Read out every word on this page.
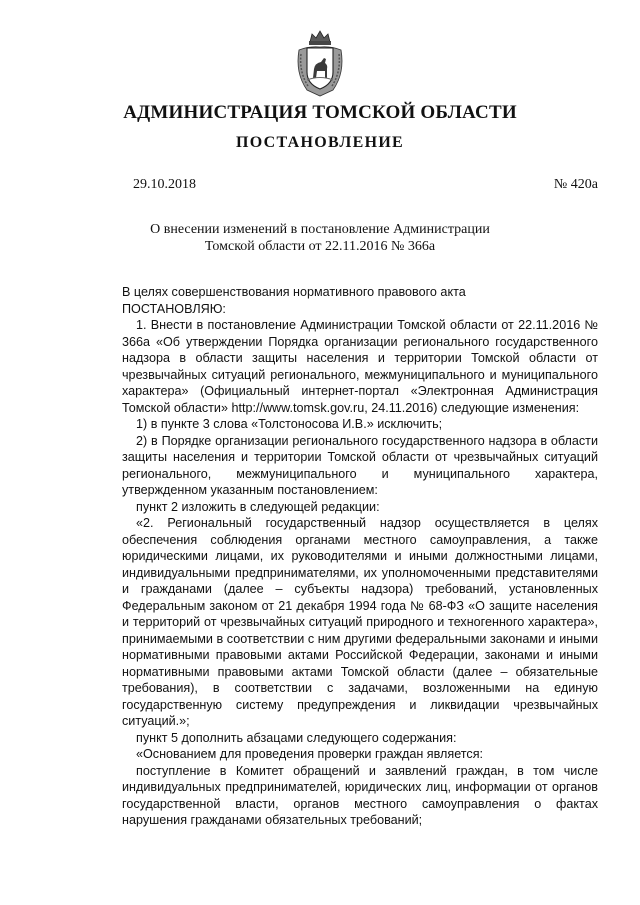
АДМИНИСТРАЦИЯ ТОМСКОЙ ОБЛАСТИ
ПОСТАНОВЛЕНИЕ
29.10.2018	№ 420а
О внесении изменений в постановление Администрации
Томской области от 22.11.2016 № 366а

В целях совершенствования нормативного правового акта

ПОСТАНОВЛЯЮ:

1. Внести в постановление Администрации Томской области от 22.11.2016 № 366а «Об утверждении Порядка организации регионального государственного надзора в области защиты населения и территории Томской области от чрезвычайных ситуаций регионального, межмуниципального и муниципального характера» (Официальный интернет-портал «Электронная Администрация Томской области» http://www.tomsk.gov.ru, 24.11.2016) следующие изменения:

1) в пункте 3 слова «Толстоносова И.В.» исключить;

2) в Порядке организации регионального государственного надзора в области защиты населения и территории Томской области от чрезвычайных ситуаций регионального, межмуниципального и муниципального характера, утвержденном указанным постановлением:

пункт 2 изложить в следующей редакции:

«2. Региональный государственный надзор осуществляется в целях обеспечения соблюдения органами местного самоуправления, а также юридическими лицами, их руководителями и иными должностными лицами, индивидуальными предпринимателями, их уполномоченными представителями и гражданами (далее – субъекты надзора) требований, установленных Федеральным законом от 21 декабря 1994 года № 68-ФЗ «О защите населения и территорий от чрезвычайных ситуаций природного и техногенного характера», принимаемыми в соответствии с ним другими федеральными законами и иными нормативными правовыми актами Российской Федерации, законами и иными нормативными правовыми актами Томской области (далее – обязательные требования), в соответствии с задачами, возложенными на единую государственную систему предупреждения и ликвидации чрезвычайных ситуаций.»;

пункт 5 дополнить абзацами следующего содержания:

«Основанием для проведения проверки граждан является:

поступление в Комитет обращений и заявлений граждан, в том числе индивидуальных предпринимателей, юридических лиц, информации от органов государственной власти, органов местного самоуправления о фактах нарушения гражданами обязательных требований;
